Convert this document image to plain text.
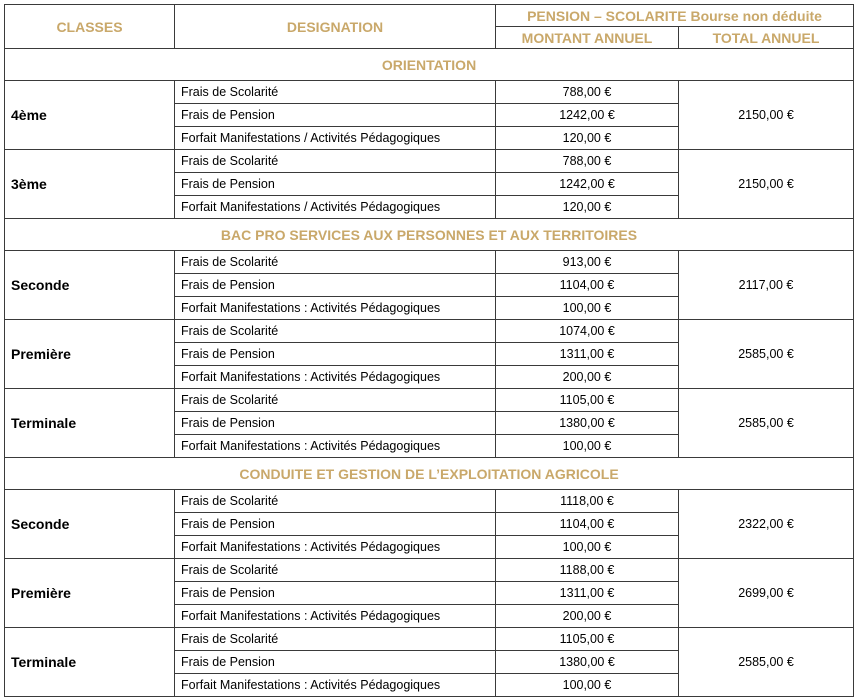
CLASSES	DESIGNATION	PENSION – SCOLARITE Bourse non déduite	
		MONTANT ANNUEL	TOTAL ANNUEL
ORIENTATION			
4ème	Frais de Scolarité	788,00 €	2150,00 €
	Frais de Pension	1242,00 €	
	Forfait Manifestations / Activités Pédagogiques	120,00 €	
3ème	Frais de Scolarité	788,00 €	2150,00 €
	Frais de Pension	1242,00 €	
	Forfait Manifestations / Activités Pédagogiques	120,00 €	
BAC PRO SERVICES AUX PERSONNES ET AUX TERRITOIRES			
Seconde	Frais de Scolarité	913,00 €	2117,00 €
	Frais de Pension	1104,00 €	
	Forfait Manifestations : Activités Pédagogiques	100,00 €	
Première	Frais de Scolarité	1074,00 €	2585,00 €
	Frais de Pension	1311,00 €	
	Forfait Manifestations : Activités Pédagogiques	200,00 €	
Terminale	Frais de Scolarité	1105,00 €	2585,00 €
	Frais de Pension	1380,00 €	
	Forfait Manifestations : Activités Pédagogiques	100,00 €	
CONDUITE ET GESTION DE L’EXPLOITATION AGRICOLE			
Seconde	Frais de Scolarité	1118,00 €	2322,00 €
	Frais de Pension	1104,00 €	
	Forfait Manifestations : Activités Pédagogiques	100,00 €	
Première	Frais de Scolarité	1188,00 €	2699,00 €
	Frais de Pension	1311,00 €	
	Forfait Manifestations : Activités Pédagogiques	200,00 €	
Terminale	Frais de Scolarité	1105,00 €	2585,00 €
	Frais de Pension	1380,00 €	
	Forfait Manifestations : Activités Pédagogiques	100,00 €	
